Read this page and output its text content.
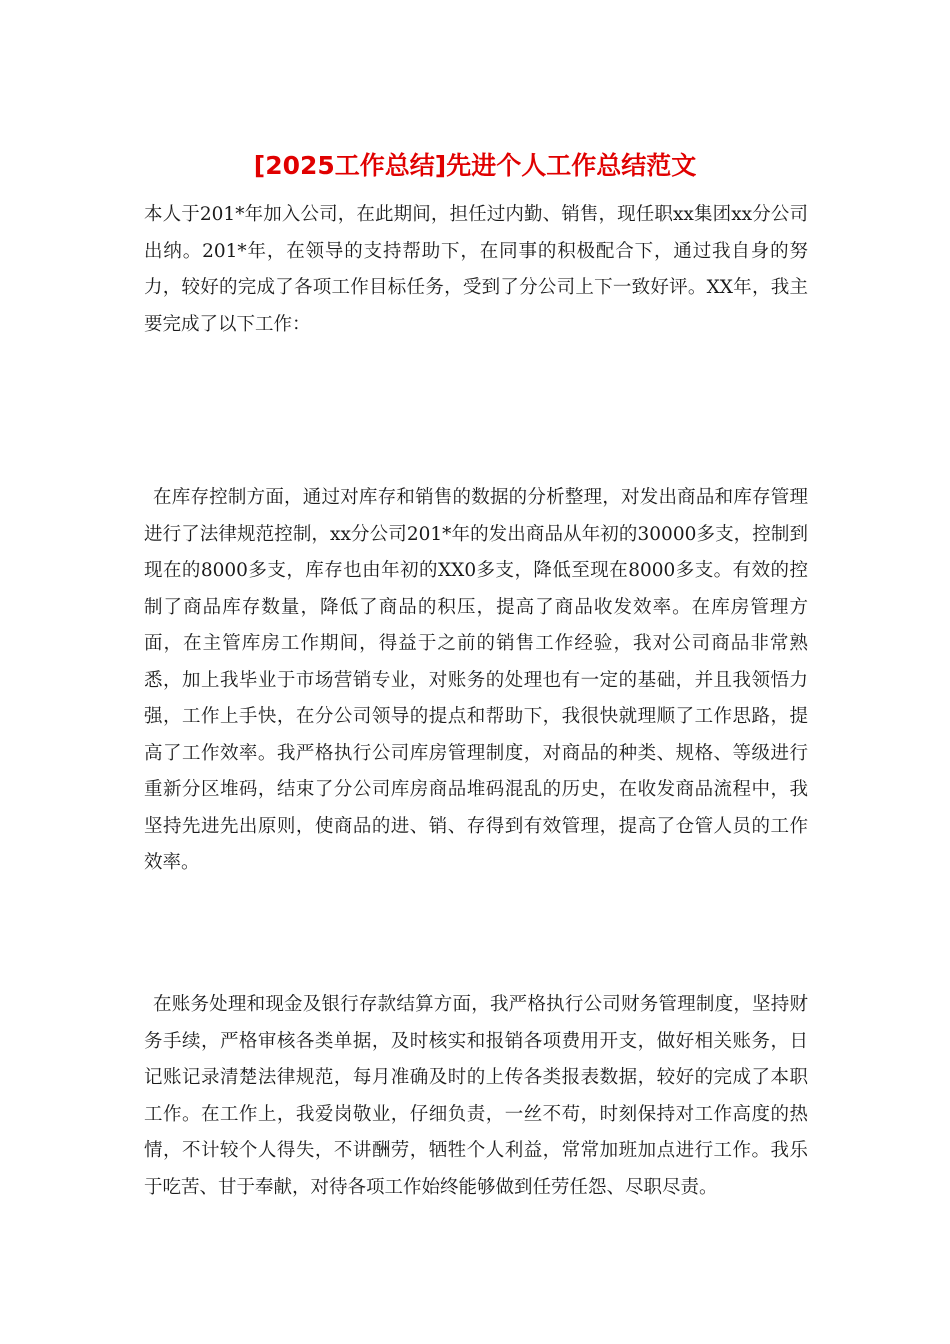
[2025工作总结]先进个人工作总结范文

本人于201*年加入公司，在此期间，担任过内勤、销售，现任职xx集团xx分公司出纳。201*年，在领导的支持帮助下，在同事的积极配合下，通过我自身的努力，较好的完成了各项工作目标任务，受到了分公司上下一致好评。XX年，我主要完成了以下工作：

在库存控制方面，通过对库存和销售的数据的分析整理，对发出商品和库存管理进行了法律规范控制，xx分公司201*年的发出商品从年初的30000多支，控制到现在的8000多支，库存也由年初的XX0多支，降低至现在8000多支。有效的控制了商品库存数量，降低了商品的积压，提高了商品收发效率。在库房管理方面，在主管库房工作期间，得益于之前的销售工作经验，我对公司商品非常熟悉，加上我毕业于市场营销专业，对账务的处理也有一定的基础，并且我领悟力强，工作上手快，在分公司领导的提点和帮助下，我很快就理顺了工作思路，提高了工作效率。我严格执行公司库房管理制度，对商品的种类、规格、等级进行重新分区堆码，结束了分公司库房商品堆码混乱的历史，在收发商品流程中，我坚持先进先出原则，使商品的进、销、存得到有效管理，提高了仓管人员的工作效率。

在账务处理和现金及银行存款结算方面，我严格执行公司财务管理制度，坚持财务手续，严格审核各类单据，及时核实和报销各项费用开支，做好相关账务，日记账记录清楚法律规范，每月准确及时的上传各类报表数据，较好的完成了本职工作。在工作上，我爱岗敬业，仔细负责，一丝不苟，时刻保持对工作高度的热情，不计较个人得失，不讲酬劳，牺牲个人利益，常常加班加点进行工作。我乐于吃苦、甘于奉献，对待各项工作始终能够做到任劳任怨、尽职尽责。
